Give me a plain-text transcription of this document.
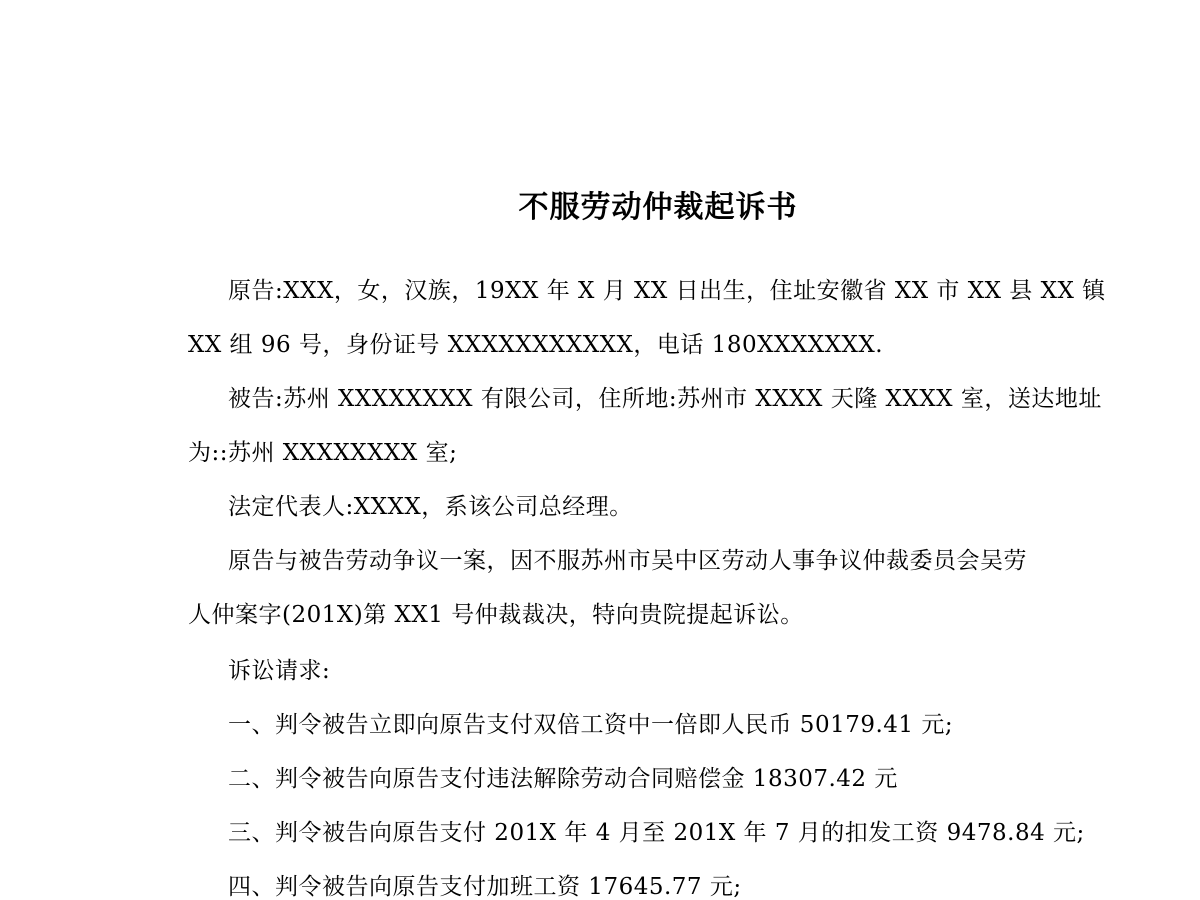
不服劳动仲裁起诉书
原告:XXX，女，汉族，19XX 年 X 月 XX 日出生，住址安徽省 XX 市 XX 县 XX 镇
XX 组 96 号，身份证号 XXXXXXXXXXX，电话 180XXXXXXX.
被告:苏州 XXXXXXXX 有限公司，住所地:苏州市 XXXX 天隆 XXXX 室，送达地址
为::苏州 XXXXXXXX 室;
法定代表人:XXXX，系该公司总经理。
原告与被告劳动争议一案，因不服苏州市吴中区劳动人事争议仲裁委员会吴劳
人仲案字(201X)第 XX1 号仲裁裁决，特向贵院提起诉讼。
诉讼请求:
一、判令被告立即向原告支付双倍工资中一倍即人民币 50179.41 元;
二、判令被告向原告支付违法解除劳动合同赔偿金 18307.42 元
三、判令被告向原告支付 201X 年 4 月至 201X 年 7 月的扣发工资 9478.84 元;
四、判令被告向原告支付加班工资 17645.77 元;
